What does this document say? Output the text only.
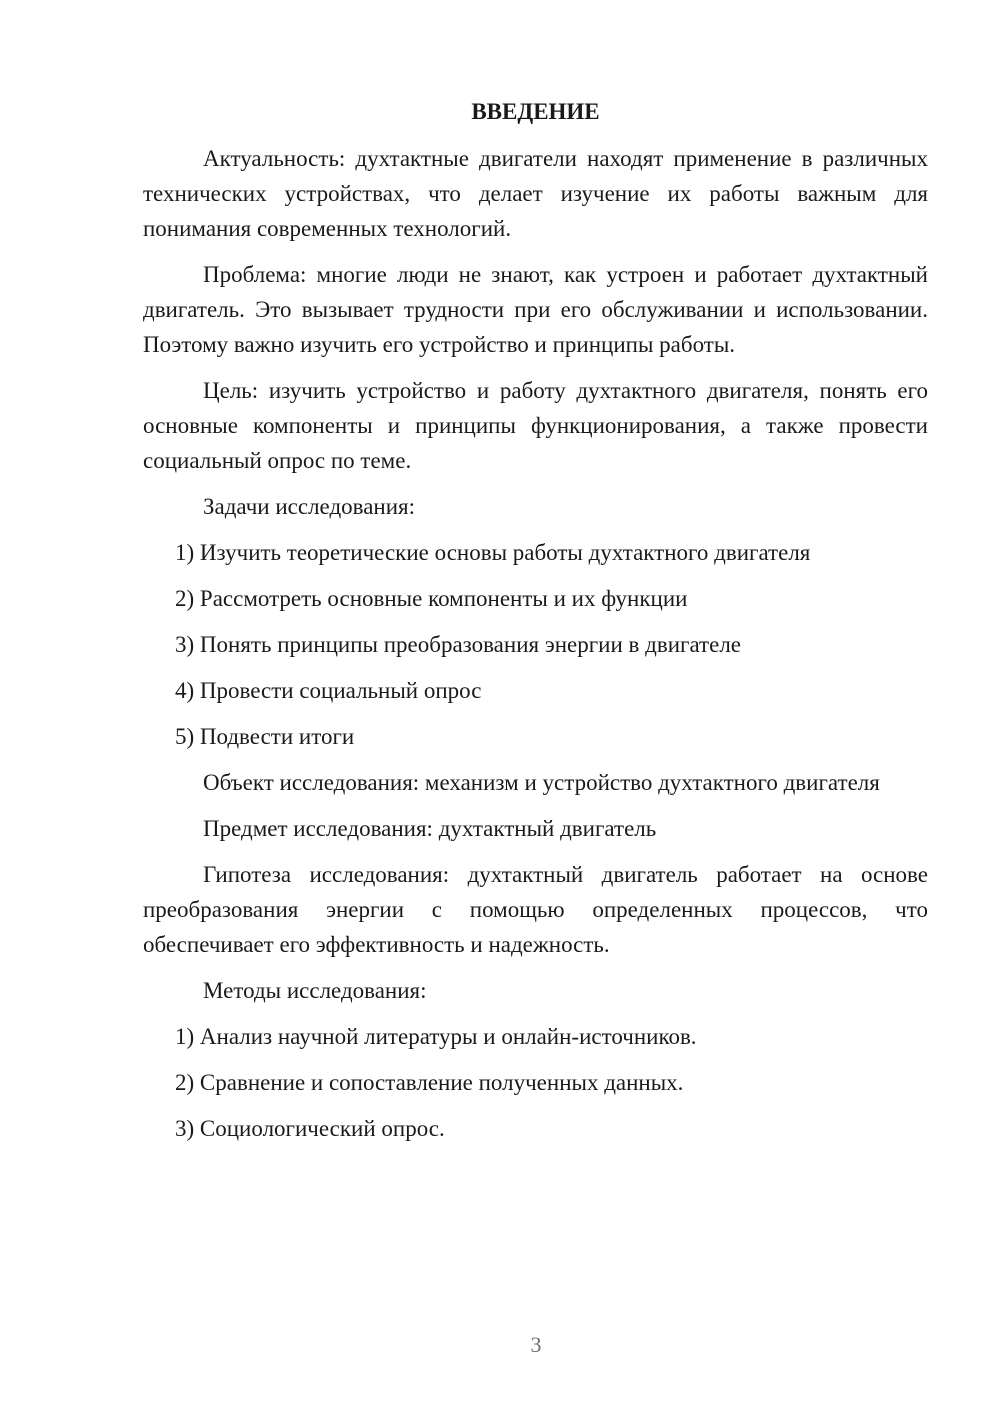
ВВЕДЕНИЕ

Актуальность: духтактные двигатели находят применение в различных технических устройствах, что делает изучение их работы важным для понимания современных технологий.

Проблема: многие люди не знают, как устроен и работает духтактный двигатель. Это вызывает трудности при его обслуживании и использовании. Поэтому важно изучить его устройство и принципы работы.

Цель: изучить устройство и работу духтактного двигателя, понять его основные компоненты и принципы функционирования, а также провести социальный опрос по теме.

Задачи исследования:

1) Изучить теоретические основы работы духтактного двигателя
2) Рассмотреть основные компоненты и их функции
3) Понять принципы преобразования энергии в двигателе
4) Провести социальный опрос
5) Подвести итоги

Объект исследования: механизм и устройство духтактного двигателя

Предмет исследования: духтактный двигатель

Гипотеза исследования: духтактный двигатель работает на основе преобразования энергии с помощью определенных процессов, что обеспечивает его эффективность и надежность.

Методы исследования:

1) Анализ научной литературы и онлайн-источников.
2) Сравнение и сопоставление полученных данных.
3) Социологический опрос.
3
